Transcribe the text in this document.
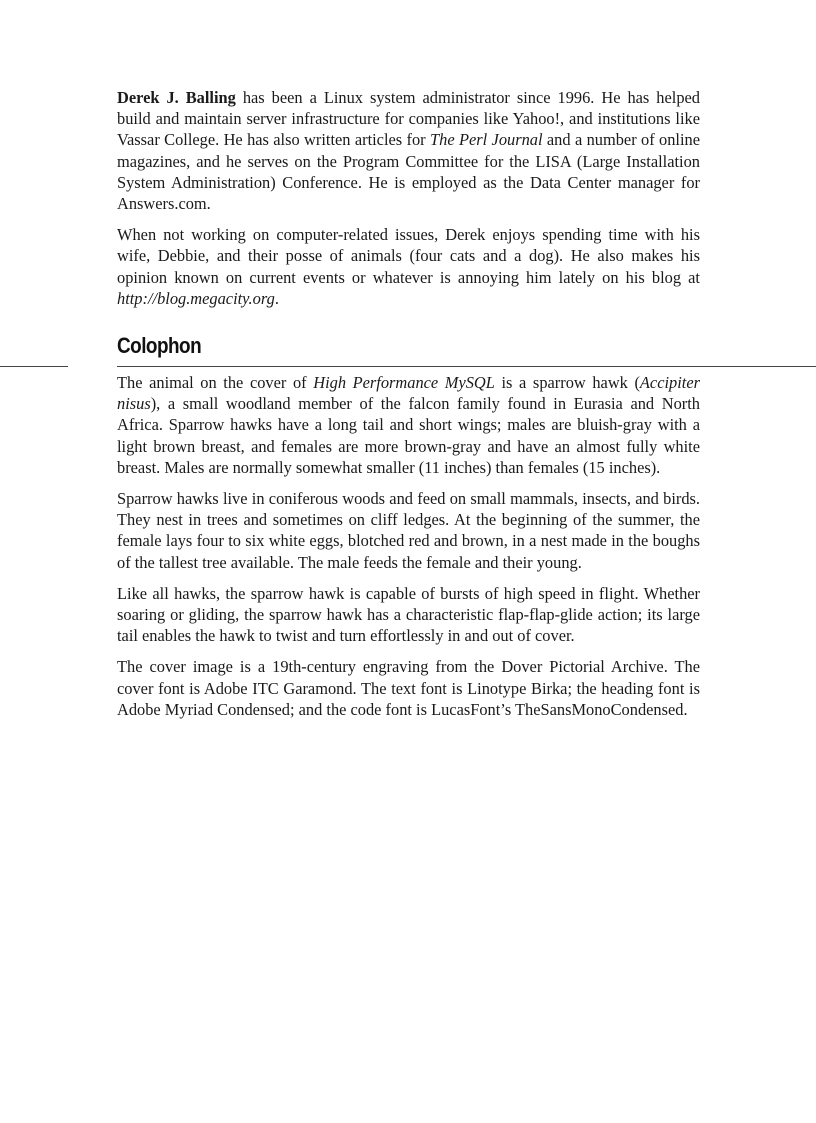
Derek J. Balling has been a Linux system administrator since 1996. He has helped build and maintain server infrastructure for companies like Yahoo!, and institutions like Vassar College. He has also written articles for The Perl Journal and a number of online magazines, and he serves on the Program Committee for the LISA (Large Installation System Administration) Conference. He is employed as the Data Center manager for Answers.com.

When not working on computer-related issues, Derek enjoys spending time with his wife, Debbie, and their posse of animals (four cats and a dog). He also makes his opinion known on current events or whatever is annoying him lately on his blog at http://blog.megacity.org.

Colophon

The animal on the cover of High Performance MySQL is a sparrow hawk (Accipiter nisus), a small woodland member of the falcon family found in Eurasia and North Africa. Sparrow hawks have a long tail and short wings; males are bluish-gray with a light brown breast, and females are more brown-gray and have an almost fully white breast. Males are normally somewhat smaller (11 inches) than females (15 inches).

Sparrow hawks live in coniferous woods and feed on small mammals, insects, and birds. They nest in trees and sometimes on cliff ledges. At the beginning of the summer, the female lays four to six white eggs, blotched red and brown, in a nest made in the boughs of the tallest tree available. The male feeds the female and their young.

Like all hawks, the sparrow hawk is capable of bursts of high speed in flight. Whether soaring or gliding, the sparrow hawk has a characteristic flap-flap-glide action; its large tail enables the hawk to twist and turn effortlessly in and out of cover.

The cover image is a 19th-century engraving from the Dover Pictorial Archive. The cover font is Adobe ITC Garamond. The text font is Linotype Birka; the heading font is Adobe Myriad Condensed; and the code font is LucasFont’s TheSansMonoCondensed.
